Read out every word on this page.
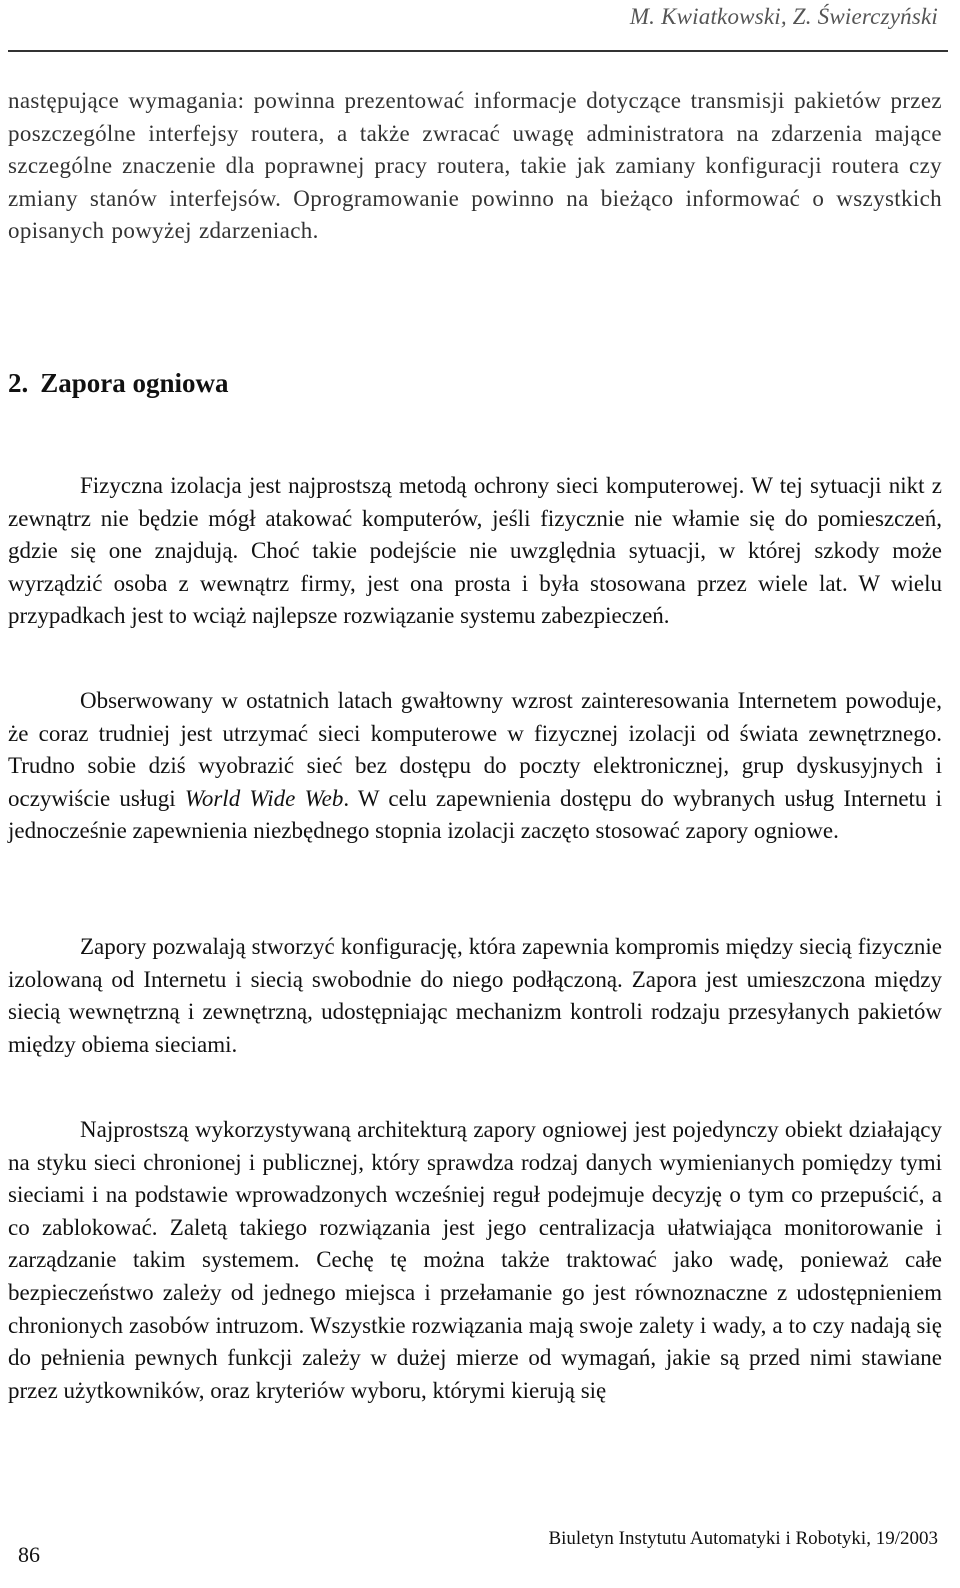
M. Kwiatkowski, Z. Świerczyński

następujące wymagania: powinna prezentować informacje dotyczące transmisji pakietów przez poszczególne interfejsy routera, a także zwracać uwagę administratora na zdarzenia mające szczególne znaczenie dla poprawnej pracy routera, takie jak zamiany konfiguracji routera czy zmiany stanów interfejsów. Oprogramowanie powinno na bieżąco informować o wszystkich opisanych powyżej zdarzeniach.

2. Zapora ogniowa

Fizyczna izolacja jest najprostszą metodą ochrony sieci komputerowej. W tej sytuacji nikt z zewnątrz nie będzie mógł atakować komputerów, jeśli fizycznie nie włamie się do pomieszczeń, gdzie się one znajdują. Choć takie podejście nie uwzględnia sytuacji, w której szkody może wyrządzić osoba z wewnątrz firmy, jest ona prosta i była stosowana przez wiele lat. W wielu przypadkach jest to wciąż najlepsze rozwiązanie systemu zabezpieczeń.

Obserwowany w ostatnich latach gwałtowny wzrost zainteresowania Internetem powoduje, że coraz trudniej jest utrzymać sieci komputerowe w fizycznej izolacji od świata zewnętrznego. Trudno sobie dziś wyobrazić sieć bez dostępu do poczty elektronicznej, grup dyskusyjnych i oczywiście usługi World Wide Web. W celu zapewnienia dostępu do wybranych usług Internetu i jednocześnie zapewnienia niezbędnego stopnia izolacji zaczęto stosować zapory ogniowe.

Zapory pozwalają stworzyć konfigurację, która zapewnia kompromis między siecią fizycznie izolowaną od Internetu i siecią swobodnie do niego podłączoną. Zapora jest umieszczona między siecią wewnętrzną i zewnętrzną, udostępniając mechanizm kontroli rodzaju przesyłanych pakietów między obiema sieciami.

Najprostszą wykorzystywaną architekturą zapory ogniowej jest pojedynczy obiekt działający na styku sieci chronionej i publicznej, który sprawdza rodzaj danych wymienianych pomiędzy tymi sieciami i na podstawie wprowadzonych wcześniej reguł podejmuje decyzję o tym co przepuścić, a co zablokować. Zaletą takiego rozwiązania jest jego centralizacja ułatwiająca monitorowanie i zarządzanie takim systemem. Cechę tę można także traktować jako wadę, ponieważ całe bezpieczeństwo zależy od jednego miejsca i przełamanie go jest równoznaczne z udostępnieniem chronionych zasobów intruzom. Wszystkie rozwiązania mają swoje zalety i wady, a to czy nadają się do pełnienia pewnych funkcji zależy w dużej mierze od wymagań, jakie są przed nimi stawiane przez użytkowników, oraz kryteriów wyboru, którymi kierują się

86
Biuletyn Instytutu Automatyki i Robotyki, 19/2003
